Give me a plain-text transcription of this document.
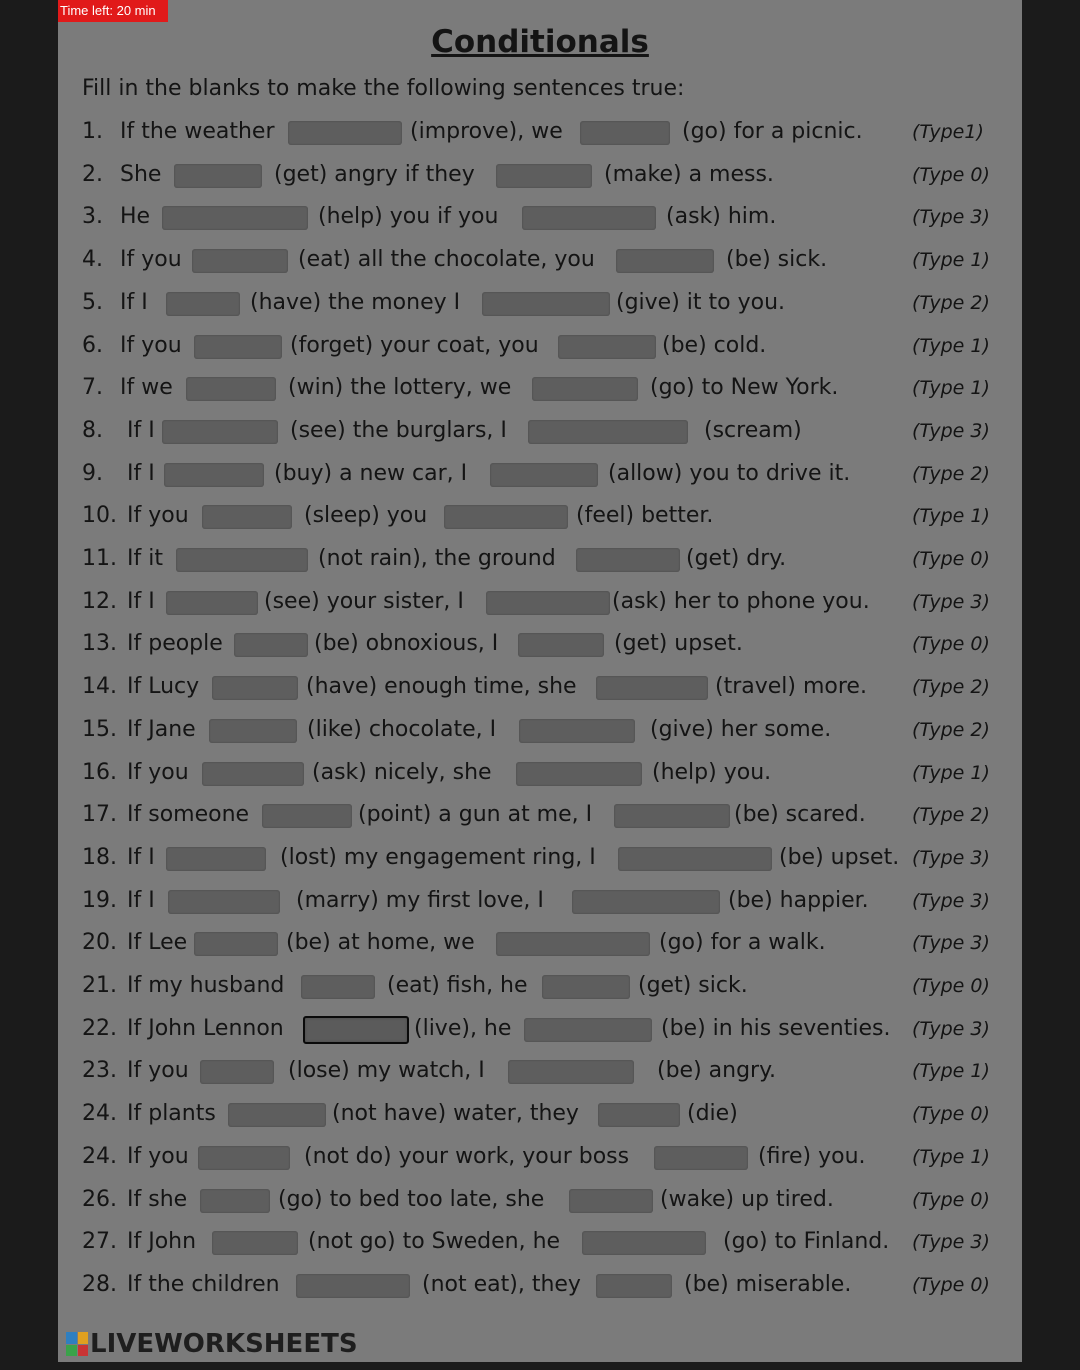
Time left: 20 min
Conditionals
Fill in the blanks to make the following sentences true:
1. If the weather	(improve), we	(go) for a picnic.	(Type1)
2. She	(get) angry if they	(make) a mess.	(Type 0)
3. He	(help) you if you	(ask) him.	(Type 3)
4. If you	(eat) all the chocolate, you	(be) sick.	(Type 1)
5. If I	(have) the money I	(give) it to you.	(Type 2)
6. If you	(forget) your coat, you	(be) cold.	(Type 1)
7. If we	(win) the lottery, we	(go) to New York.	(Type 1)
8. If I	(see) the burglars, I	(scream)	(Type 3)
9. If I	(buy) a new car, I	(allow) you to drive it.	(Type 2)
10. If you	(sleep) you	(feel) better.	(Type 1)
11. If it	(not rain), the ground	(get) dry.	(Type 0)
12. If I	(see) your sister, I	(ask) her to phone you. (Type 3)
13. If people	(be) obnoxious, I	(get) upset.	(Type 0)
14. If Lucy	(have) enough time, she	(travel) more. (Type 2)
15. If Jane	(like) chocolate, I	(give) her some.	(Type 2)
16. If you	(ask) nicely, she	(help) you.	(Type 1)
17. If someone	(point) a gun at me, I	(be) scared. (Type 2)
18. If I	(lost) my engagement ring, I	(be) upset. (Type 3)
19. If I	(marry) my first love, I	(be) happier. (Type 3)
20. If Lee	(be) at home, we	(go) for a walk.	(Type 3)
21. If my husband	(eat) fish, he	(get) sick.	(Type 0)
22. If John Lennon	(live), he	(be) in his seventies. (Type 3)
23. If you	(lose) my watch, I	(be) angry.	(Type 1)
24. If plants	(not have) water, they	(die)	(Type 0)
24. If you	(not do) your work, your boss	(fire) you. (Type 1)
26. If she	(go) to bed too late, she	(wake) up tired.	(Type 0)
27. If John	(not go) to Sweden, he	(go) to Finland. (Type 3)
28. If the children	(not eat), they	(be) miserable.	(Type 0)
LIVEWORKSHEETS
